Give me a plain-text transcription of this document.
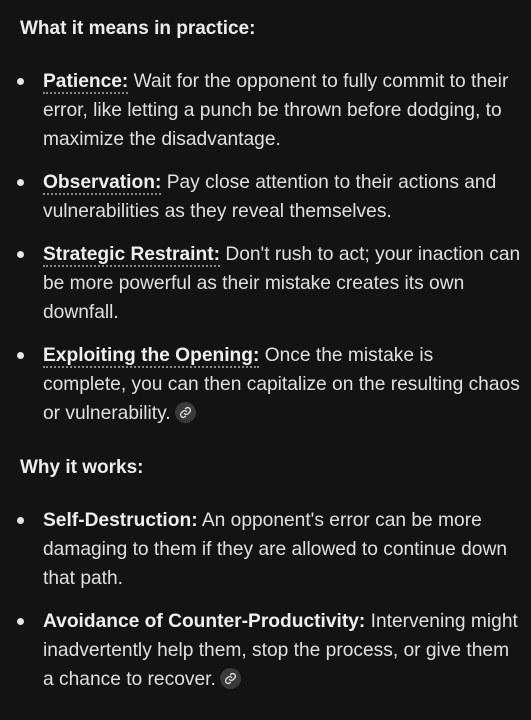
What it means in practice:
Patience: Wait for the opponent to fully commit to their error, like letting a punch be thrown before dodging, to maximize the disadvantage.
Observation: Pay close attention to their actions and vulnerabilities as they reveal themselves.
Strategic Restraint: Don't rush to act; your inaction can be more powerful as their mistake creates its own downfall.
Exploiting the Opening: Once the mistake is complete, you can then capitalize on the resulting chaos or vulnerability.
Why it works:
Self-Destruction: An opponent's error can be more damaging to them if they are allowed to continue down that path.
Avoidance of Counter-Productivity: Intervening might inadvertently help them, stop the process, or give them a chance to recover.
